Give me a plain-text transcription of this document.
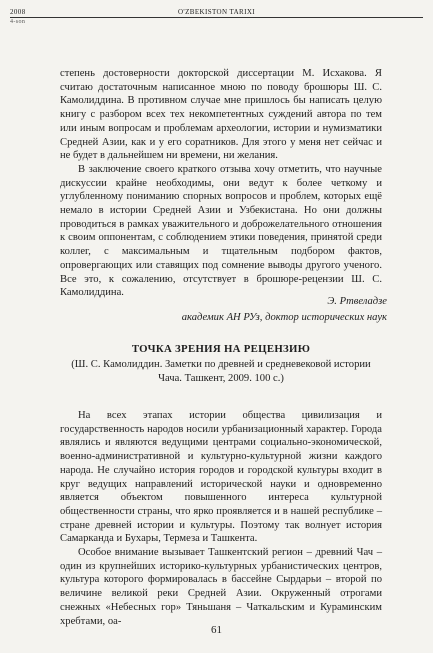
2008	O'ZBEKISTON TARIXI
4-son

степень достоверности докторской диссертации М. Исхакова. Я считаю достаточным написанное мною по поводу брошюры Ш. С. Камолиддина. В противном случае мне пришлось бы написать целую книгу с разбором всех тех некомпетентных суждений автора по тем или иным вопросам и проблемам археологии, истории и нумизматики Средней Азии, как и у его соратников. Для этого у меня нет сейчас и не будет в дальнейшем ни времени, ни желания.

В заключение своего краткого отзыва хочу отметить, что научные дискуссии крайне необходимы, они ведут к более четкому и углубленному пониманию спорных вопросов и проблем, которых ещё немало в истории Средней Азии и Узбекистана. Но они должны проводиться в рамках уважительного и доброжелательного отношения к своим оппонентам, с соблюдением этики поведения, принятой среди коллег, с максимальным и тщательным подбором фактов, опровергающих или ставящих под сомнение выводы другого ученого. Все это, к сожалению, отсутствует в брошюре-рецензии Ш. С. Камолиддина.

Э. Ртвеладзе
академик АН РУз, доктор исторических наук
ТОЧКА ЗРЕНИЯ НА РЕЦЕНЗИЮ
(Ш. С. Камолиддин. Заметки по древней и средневековой истории Чача. Ташкент, 2009. 100 с.)

На всех этапах истории общества цивилизация и государственность народов носили урбанизационный характер. Города являлись и являются ведущими центрами социально-экономической, военно-административной и культурно-культурной жизни каждого народа. Не случайно история городов и городской культуры входит в круг ведущих направлений исторической науки и одновременно является объектом повышенного интереса культурной общественности страны, что ярко проявляется и в нашей республике – стране древней истории и культуры. Поэтому так волнует история Самарканда и Бухары, Термеза и Ташкента.

Особое внимание вызывает Ташкентский регион – древний Чач – один из крупнейших историко-культурных урбанистических центров, культура которого формировалась в бассейне Сырдарьи – второй по величине великой реки Средней Азии. Окруженный отрогами снежных «Небесных гор» Тяньшаня – Чаткальским и Кураминским хребтами, оа-

61
